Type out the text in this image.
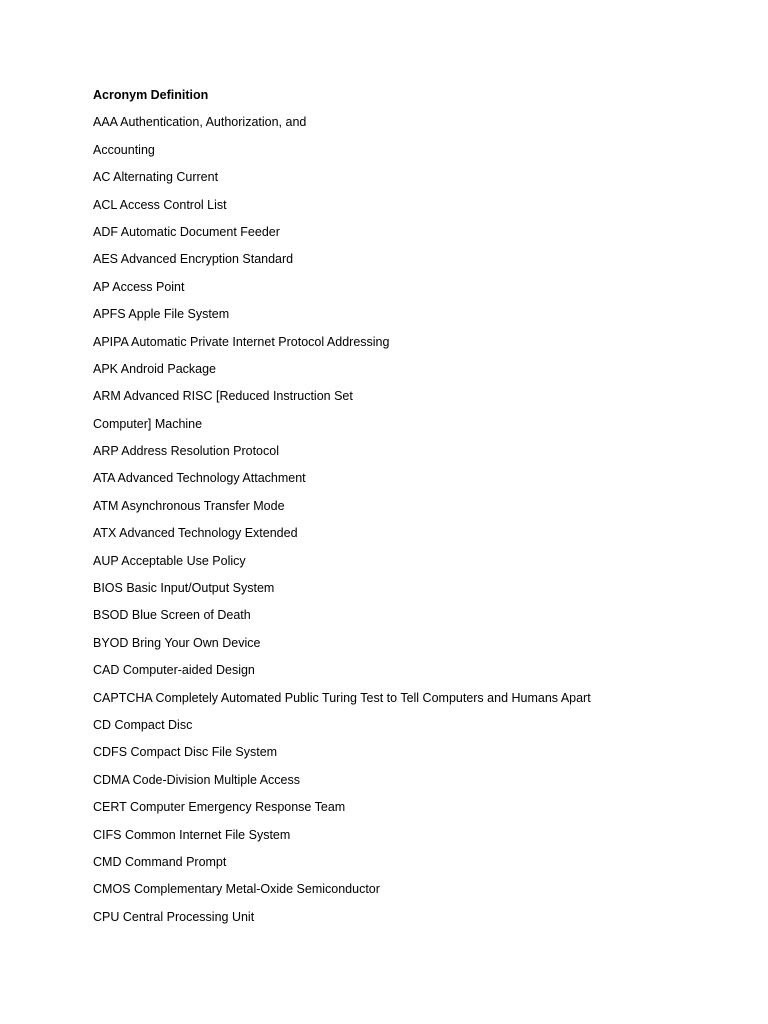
Acronym Definition
AAA Authentication, Authorization, and
Accounting
AC Alternating Current
ACL Access Control List
ADF Automatic Document Feeder
AES Advanced Encryption Standard
AP Access Point
APFS Apple File System
APIPA Automatic Private Internet Protocol Addressing
APK Android Package
ARM Advanced RISC [Reduced Instruction Set
Computer] Machine
ARP Address Resolution Protocol
ATA Advanced Technology Attachment
ATM Asynchronous Transfer Mode
ATX Advanced Technology Extended
AUP Acceptable Use Policy
BIOS Basic Input/Output System
BSOD Blue Screen of Death
BYOD Bring Your Own Device
CAD Computer-aided Design
CAPTCHA Completely Automated Public Turing Test to Tell Computers and Humans Apart
CD Compact Disc
CDFS Compact Disc File System
CDMA Code-Division Multiple Access
CERT Computer Emergency Response Team
CIFS Common Internet File System
CMD Command Prompt
CMOS Complementary Metal-Oxide Semiconductor
CPU Central Processing Unit
